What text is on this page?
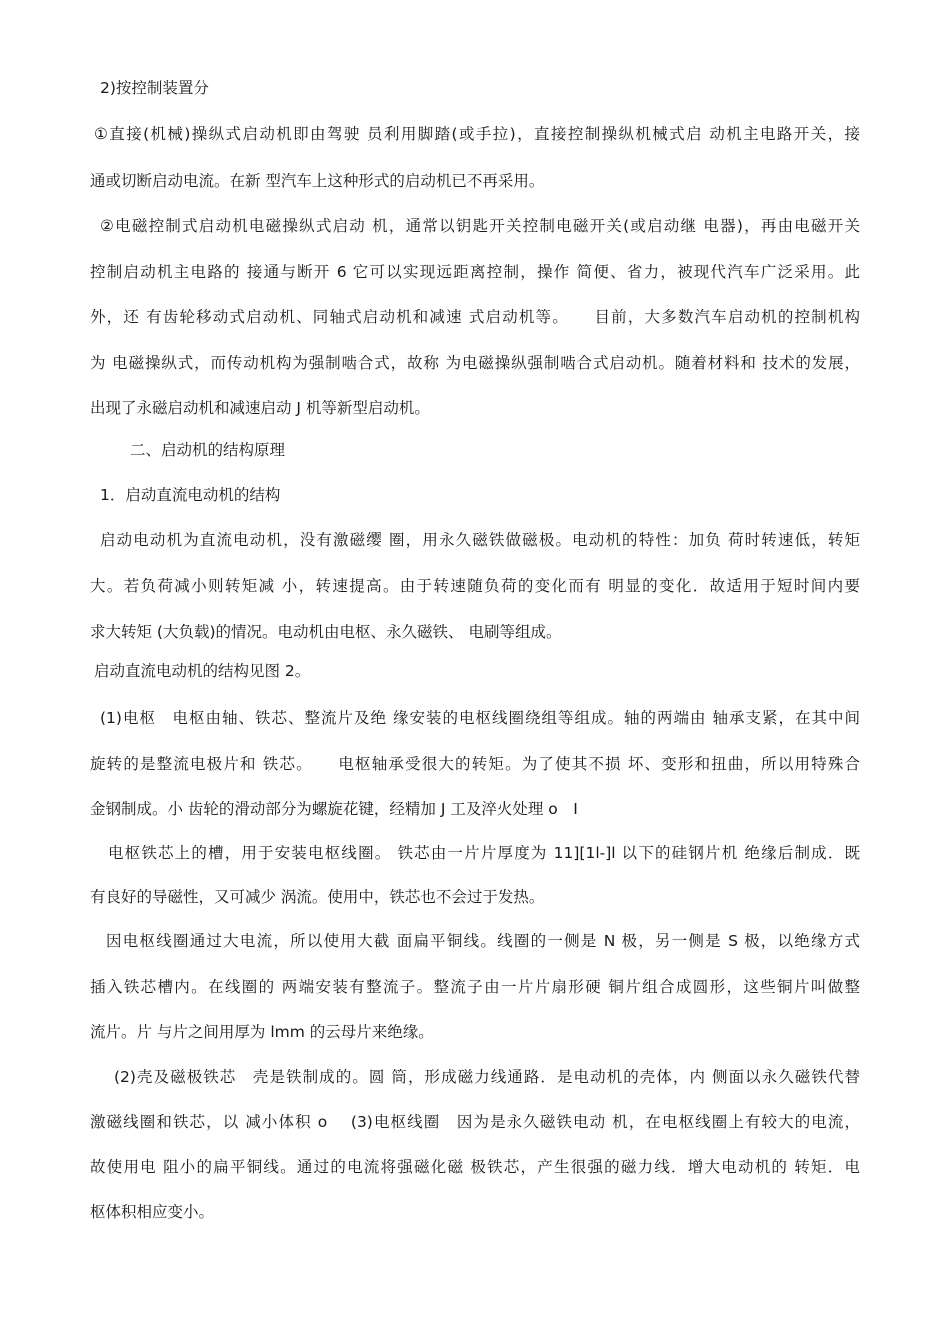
2)按控制装置分
①直接(机械)操纵式启动机即由驾驶 员利用脚踏(或手拉)，直接控制操纵机械式启 动机主电路开关，接
通或切断启动电流。在新 型汽车上这种形式的启动机已不再采用。
②电磁控制式启动机电磁操纵式启动 机，通常以钥匙开关控制电磁开关(或启动继 电器)，再由电磁开关
控制启动机主电路的 接通与断开 6 它可以实现远距离控制，操作 简便、省力，被现代汽车广泛采用。此
外，还 有齿轮移动式启动机、同轴式启动机和减速 式启动机等。　　目前，大多数汽车启动机的控制机构
为 电磁操纵式，而传动机构为强制啮合式，故称 为电磁操纵强制啮合式启动机。随着材料和 技术的发展，
出现了永磁启动机和减速启动 J 机等新型启动机。
二、启动机的结构原理
1．启动直流电动机的结构
启动电动机为直流电动机，没有激磁缨 圈，用永久磁铁做磁极。电动机的特性：加负 荷时转速低，转矩
大。若负荷减小则转矩减 小，转速提高。由于转速随负荷的变化而有 明显的变化．故适用于短时间内要
求大转矩 (大负载)的情况。电动机由电枢、永久磁铁、 电刷等组成。
启动直流电动机的结构见图 2。
(1)电枢　电枢由轴、铁芯、整流片及绝 缘安装的电枢线圈绕组等组成。轴的两端由 轴承支紧，在其中间
旋转的是整流电极片和 铁芯。　　电枢轴承受很大的转矩。为了使其不损 坏、变形和扭曲，所以用特殊合
金钢制成。小 齿轮的滑动部分为螺旋花键，经精加 J 工及淬火处理 o　I
电枢铁芯上的槽，用于安装电枢线圈。 铁芯由一片片厚度为 11][1l-]l 以下的硅钢片机 绝缘后制成．既
有良好的导磁性，又可减少 涡流。使用中，铁芯也不会过于发热。
因电枢线圈通过大电流，所以使用大截 面扁平铜线。线圈的一侧是 N 极，另一侧是 S 极，以绝缘方式
插入铁芯槽内。在线圈的 两端安装有整流子。整流子由一片片扇形硬 铜片组合成圆形，这些铜片叫做整
流片。片 与片之间用厚为 lmm 的云母片来绝缘。
(2)壳及磁极铁芯　壳是铁制成的。圆 筒，形成磁力线通路．是电动机的壳体，内 侧面以永久磁铁代替
激磁线圈和铁芯，以 减小体积 o　 (3)电枢线圈　因为是永久磁铁电动 机，在电枢线圈上有较大的电流，
故使用电 阻小的扁平铜线。通过的电流将强磁化磁 极铁芯，产生很强的磁力线．增大电动机的 转矩．电
枢体积相应变小。
